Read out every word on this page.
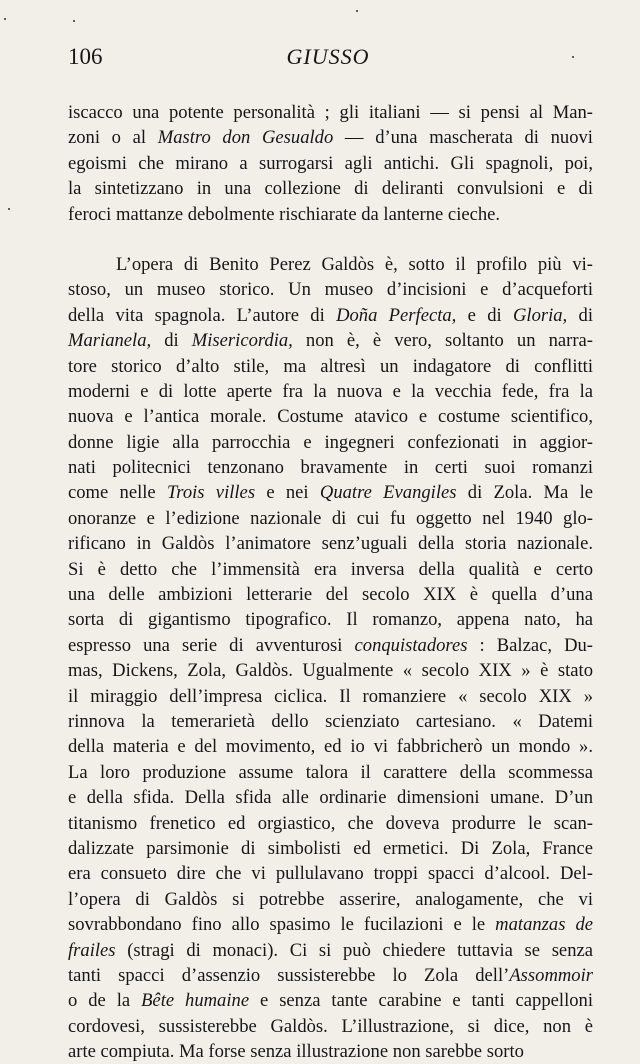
106	GIUSSO
iscacco una potente personalità ; gli italiani — si pensi al Man-
zoni o al Mastro don Gesualdo — d’una mascherata di nuovi
egoismi che mirano a surrogarsi agli antichi. Gli spagnoli, poi,
la sintetizzano in una collezione di deliranti convulsioni e di
feroci mattanze debolmente rischiarate da lanterne cieche.
L’opera di Benito Perez Galdòs è, sotto il profilo più vi-
stoso, un museo storico. Un museo d’incisioni e d’acqueforti
della vita spagnola. L’autore di Doña Perfecta, e di Gloria, di
Marianela, di Misericordia, non è, è vero, soltanto un narra-
tore storico d’alto stile, ma altresì un indagatore di conflitti
moderni e di lotte aperte fra la nuova e la vecchia fede, fra la
nuova e l’antica morale. Costume atavico e costume scientifico,
donne ligie alla parrocchia e ingegneri confezionati in aggior-
nati politecnici tenzonano bravamente in certi suoi romanzi
come nelle Trois villes e nei Quatre Evangiles di Zola. Ma le
onoranze e l’edizione nazionale di cui fu oggetto nel 1940 glo-
rificano in Galdòs l’animatore senz’uguali della storia nazionale.
Si è detto che l’immensità era inversa della qualità e certo
una delle ambizioni letterarie del secolo XIX è quella d’una
sorta di gigantismo tipografico. Il romanzo, appena nato, ha
espresso una serie di avventurosi conquistadores : Balzac, Du-
mas, Dickens, Zola, Galdòs. Ugualmente « secolo XIX » è stato
il miraggio dell’impresa ciclica. Il romanziere « secolo XIX »
rinnova la temerarietà dello scienziato cartesiano. « Datemi
della materia e del movimento, ed io vi fabbricherò un mondo ».
La loro produzione assume talora il carattere della scommessa
e della sfida. Della sfida alle ordinarie dimensioni umane. D’un
titanismo frenetico ed orgiastico, che doveva produrre le scan-
dalizzate parsimonie di simbolisti ed ermetici. Di Zola, France
era consueto dire che vi pullulavano troppi spacci d’alcool. Del-
l’opera di Galdòs si potrebbe asserire, analogamente, che vi
sovrabbondano fino allo spasimo le fucilazioni e le matanzas de
frailes (stragi di monaci). Ci si può chiedere tuttavia se senza
tanti spacci d’assenzio sussisterebbe lo Zola dell’Assommoir
o de la Bête humaine e senza tante carabine e tanti cappelloni
cordovesi, sussisterebbe Galdòs. L’illustrazione, si dice, non è
arte compiuta. Ma forse senza illustrazione non sarebbe sorto
